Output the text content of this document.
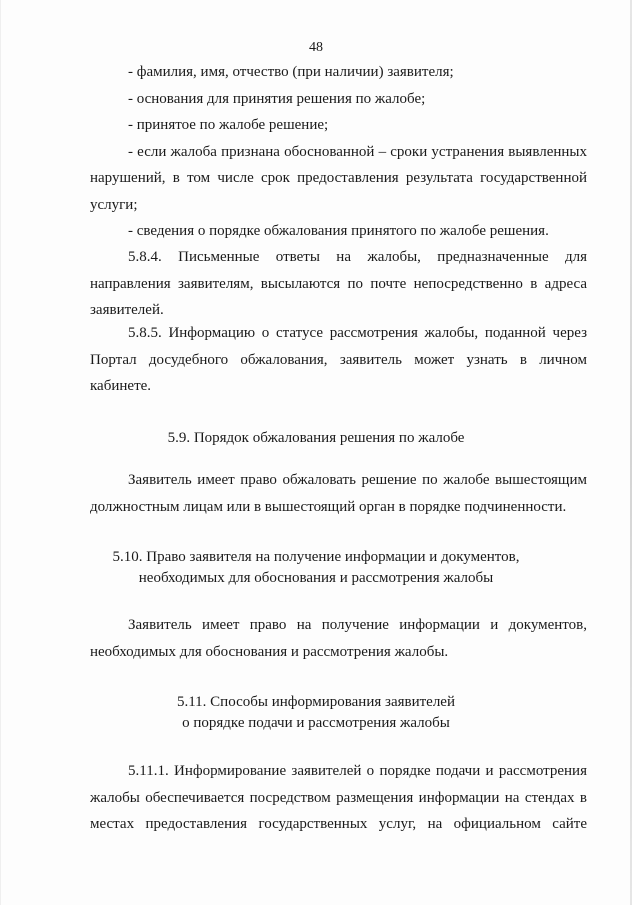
48
- фамилия, имя, отчество (при наличии) заявителя;
- основания для принятия решения по жалобе;
- принятое по жалобе решение;
- если жалоба признана обоснованной – сроки устранения выявленных
нарушений, в том числе срок предоставления результата государственной
услуги;
- сведения о порядке обжалования принятого по жалобе решения.
5.8.4. Письменные ответы на жалобы, предназначенные для
направления заявителям, высылаются по почте непосредственно в адреса
заявителей.
5.8.5. Информацию о статусе рассмотрения жалобы, поданной через
Портал досудебного обжалования, заявитель может узнать в личном
кабинете.
5.9. Порядок обжалования решения по жалобе
Заявитель имеет право обжаловать решение по жалобе вышестоящим
должностным лицам или в вышестоящий орган в порядке подчиненности.
5.10. Право заявителя на получение информации и документов,
необходимых для обоснования и рассмотрения жалобы
Заявитель имеет право на получение информации и документов,
необходимых для обоснования и рассмотрения жалобы.
5.11. Способы информирования заявителей
о порядке подачи и рассмотрения жалобы
5.11.1. Информирование заявителей о порядке подачи и рассмотрения
жалобы обеспечивается посредством размещения информации на стендах в
местах предоставления государственных услуг, на официальном сайте
